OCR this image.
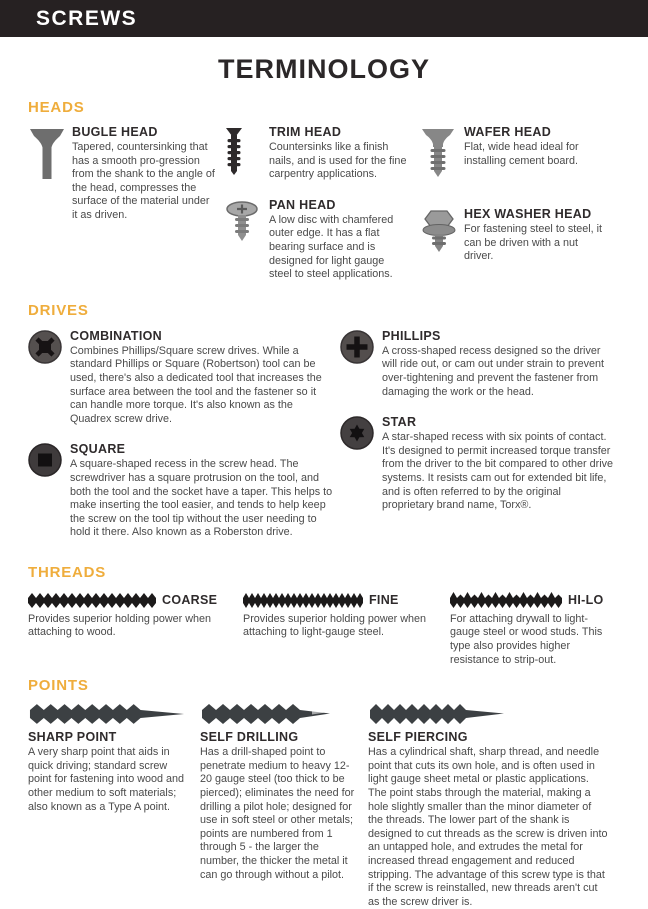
SCREWS
TERMINOLOGY
HEADS
BUGLE HEAD
Tapered, countersinking that has a smooth pro-gression from the shank to the angle of the head, compresses the surface of the material under it as driven.
TRIM HEAD
Countersinks like a finish nails, and is used for the fine carpentry applications.
PAN HEAD
A low disc with chamfered outer edge. It has a flat bearing surface and is designed for light gauge steel to steel applications.
WAFER HEAD
Flat, wide head ideal for installing cement board.
HEX WASHER HEAD
For fastening steel to steel, it can be driven with a nut driver.
DRIVES
COMBINATION
Combines Phillips/Square screw drives. While a standard Phillips or Square (Robertson) tool can be used, there's also a dedicated tool that increases the surface area between the tool and the fastener so it can handle more torque. It's also known as the Quadrex screw drive.
SQUARE
A square-shaped recess in the screw head. The screwdriver has a square protrusion on the tool, and both the tool and the socket have a taper. This helps to make inserting the tool easier, and tends to help keep the screw on the tool tip without the user needing to hold it there. Also known as a Roberston drive.
PHILLIPS
A cross-shaped recess designed so the driver will ride out, or cam out under strain to prevent over-tightening and prevent the fastener from damaging the work or the head.
STAR
A star-shaped recess with six points of contact. It's designed to permit increased torque transfer from the driver to the bit compared to other drive systems. It resists cam out for extended bit life, and is often referred to by the original proprietary brand name, Torx®.
THREADS
COARSE
Provides superior holding power when attaching to wood.
FINE
Provides superior holding power when attaching to light-gauge steel.
HI-LO
For attaching drywall to light-gauge steel or wood studs. This type also provides higher resistance to strip-out.
POINTS
SHARP POINT
A very sharp point that aids in quick driving; standard screw point for fastening into wood and other medium to soft materials; also known as a Type A point.
SELF DRILLING
Has a drill-shaped point to penetrate medium to heavy 12-20 gauge steel (too thick to be pierced); eliminates the need for drilling a pilot hole; designed for use in soft steel or other metals; points are numbered from 1 through 5 - the larger the number, the thicker the metal it can go through without a pilot.
SELF PIERCING
Has a cylindrical shaft, sharp thread, and needle point that cuts its own hole, and is often used in light gauge sheet metal or plastic applications. The point stabs through the material, making a hole slightly smaller than the minor diameter of the threads. The lower part of the shank is designed to cut threads as the screw is driven into an untapped hole, and extrudes the metal for increased thread engagement and reduced stripping. The advantage of this screw type is that if the screw is reinstalled, new threads aren't cut as the screw driver is.
